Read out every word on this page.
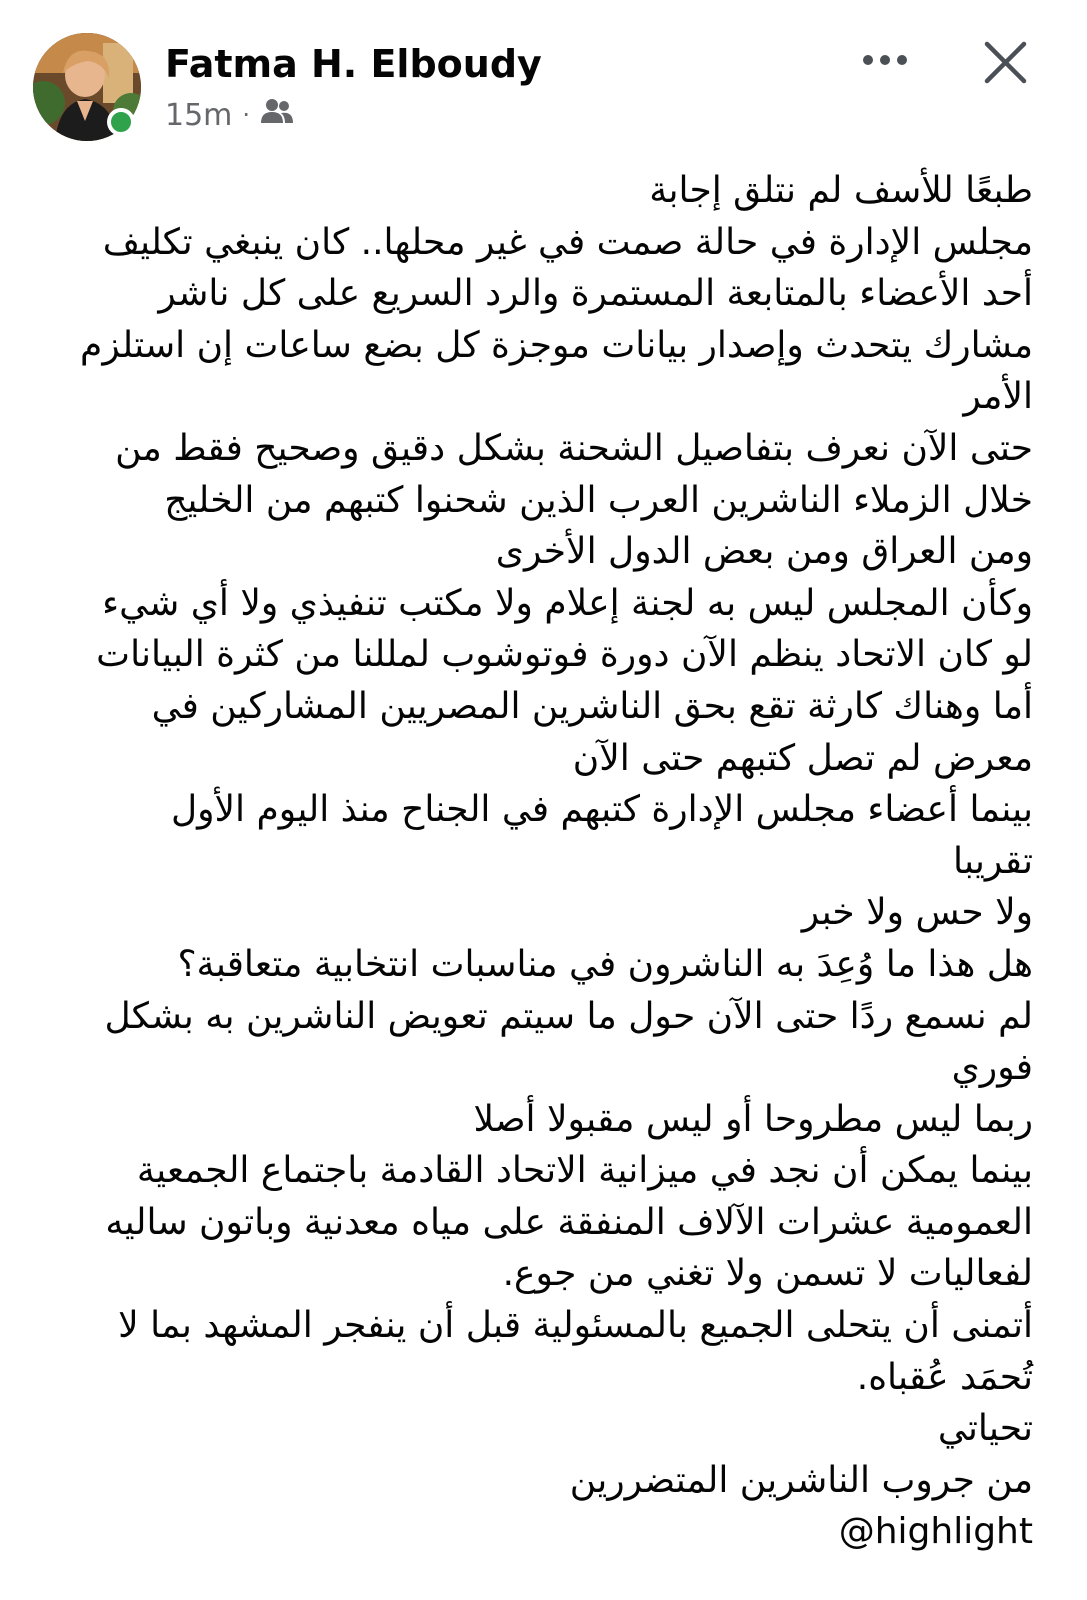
Fatma H. Elboudy
15m ·
طبعًا للأسف لم نتلق إجابة
مجلس الإدارة في حالة صمت في غير محلها.. كان ينبغي تكليف
أحد الأعضاء بالمتابعة المستمرة والرد السريع على كل ناشر
مشارك يتحدث وإصدار بيانات موجزة كل بضع ساعات إن استلزم
الأمر
حتى الآن نعرف بتفاصيل الشحنة بشكل دقيق وصحيح فقط من
خلال الزملاء الناشرين العرب الذين شحنوا كتبهم من الخليج
ومن العراق ومن بعض الدول الأخرى
وكأن المجلس ليس به لجنة إعلام ولا مكتب تنفيذي ولا أي شيء
لو كان الاتحاد ينظم الآن دورة فوتوشوب لمللنا من كثرة البيانات
أما وهناك كارثة تقع بحق الناشرين المصريين المشاركين في
معرض لم تصل كتبهم حتى الآن
بينما أعضاء مجلس الإدارة كتبهم في الجناح منذ اليوم الأول
تقريبا
ولا حس ولا خبر
هل هذا ما وُعِدَ به الناشرون في مناسبات انتخابية متعاقبة؟
لم نسمع ردًا حتى الآن حول ما سيتم تعويض الناشرين به بشكل
فوري
ربما ليس مطروحا أو ليس مقبولا أصلا
بينما يمكن أن نجد في ميزانية الاتحاد القادمة باجتماع الجمعية
العمومية عشرات الآلاف المنفقة على مياه معدنية وباتون ساليه
لفعاليات لا تسمن ولا تغني من جوع.
أتمنى أن يتحلى الجميع بالمسئولية قبل أن ينفجر المشهد بما لا
تُحمَد عُقباه.
تحياتي
من جروب الناشرين المتضررين
@highlight
